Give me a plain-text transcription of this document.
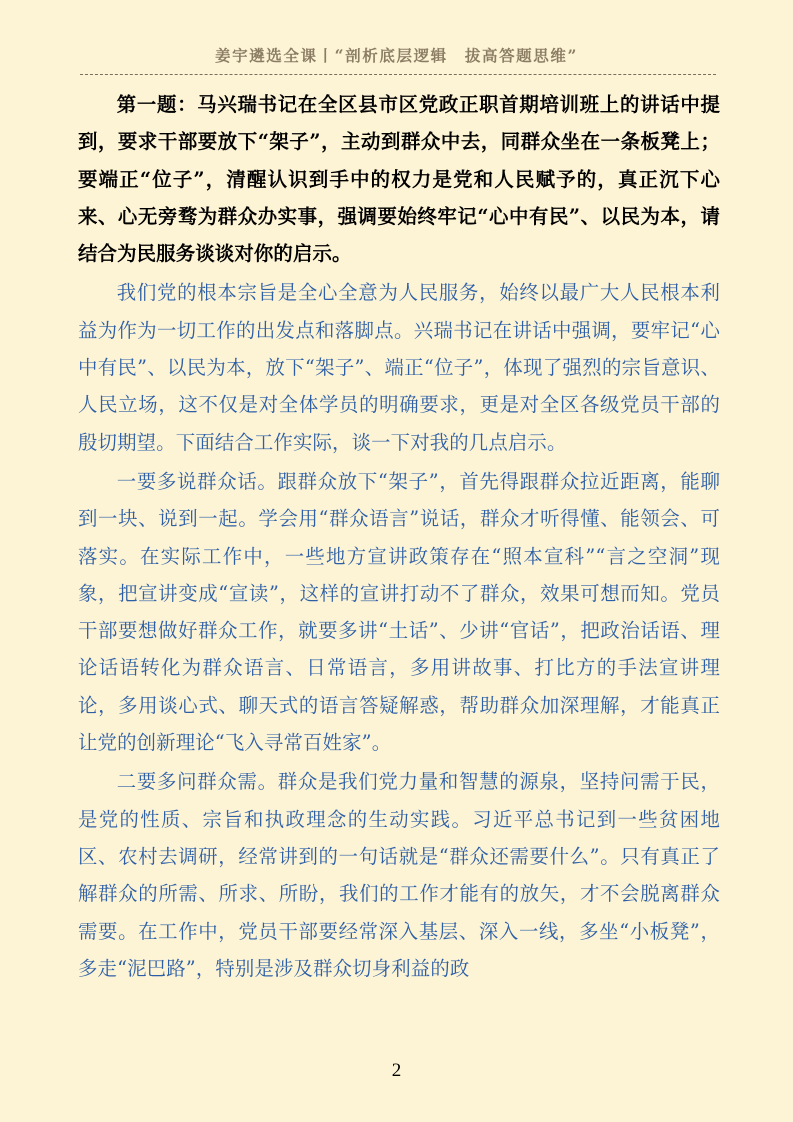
姜宇遴选全课丨“剖析底层逻辑　拔高答题思维”

第一题：马兴瑞书记在全区县市区党政正职首期培训班上的讲话中提到，要求干部要放下“架子”，主动到群众中去，同群众坐在一条板凳上；要端正“位子”，清醒认识到手中的权力是党和人民赋予的，真正沉下心来、心无旁骛为群众办实事，强调要始终牢记“心中有民”、以民为本，请结合为民服务谈谈对你的启示。

我们党的根本宗旨是全心全意为人民服务，始终以最广大人民根本利益为作为一切工作的出发点和落脚点。兴瑞书记在讲话中强调，要牢记“心中有民”、以民为本，放下“架子”、端正“位子”，体现了强烈的宗旨意识、人民立场，这不仅是对全体学员的明确要求，更是对全区各级党员干部的殷切期望。下面结合工作实际，谈一下对我的几点启示。

一要多说群众话。跟群众放下“架子”，首先得跟群众拉近距离，能聊到一块、说到一起。学会用“群众语言”说话，群众才听得懂、能领会、可落实。在实际工作中，一些地方宣讲政策存在“照本宣科”“言之空洞”现象，把宣讲变成“宣读”，这样的宣讲打动不了群众，效果可想而知。党员干部要想做好群众工作，就要多讲“土话”、少讲“官话”，把政治话语、理论话语转化为群众语言、日常语言，多用讲故事、打比方的手法宣讲理论，多用谈心式、聊天式的语言答疑解惑，帮助群众加深理解，才能真正让党的创新理论“飞入寻常百姓家”。

二要多问群众需。群众是我们党力量和智慧的源泉，坚持问需于民，是党的性质、宗旨和执政理念的生动实践。习近平总书记到一些贫困地区、农村去调研，经常讲到的一句话就是“群众还需要什么”。只有真正了解群众的所需、所求、所盼，我们的工作才能有的放矢，才不会脱离群众需要。在工作中，党员干部要经常深入基层、深入一线，多坐“小板凳”，多走“泥巴路”，特别是涉及群众切身利益的政

2
